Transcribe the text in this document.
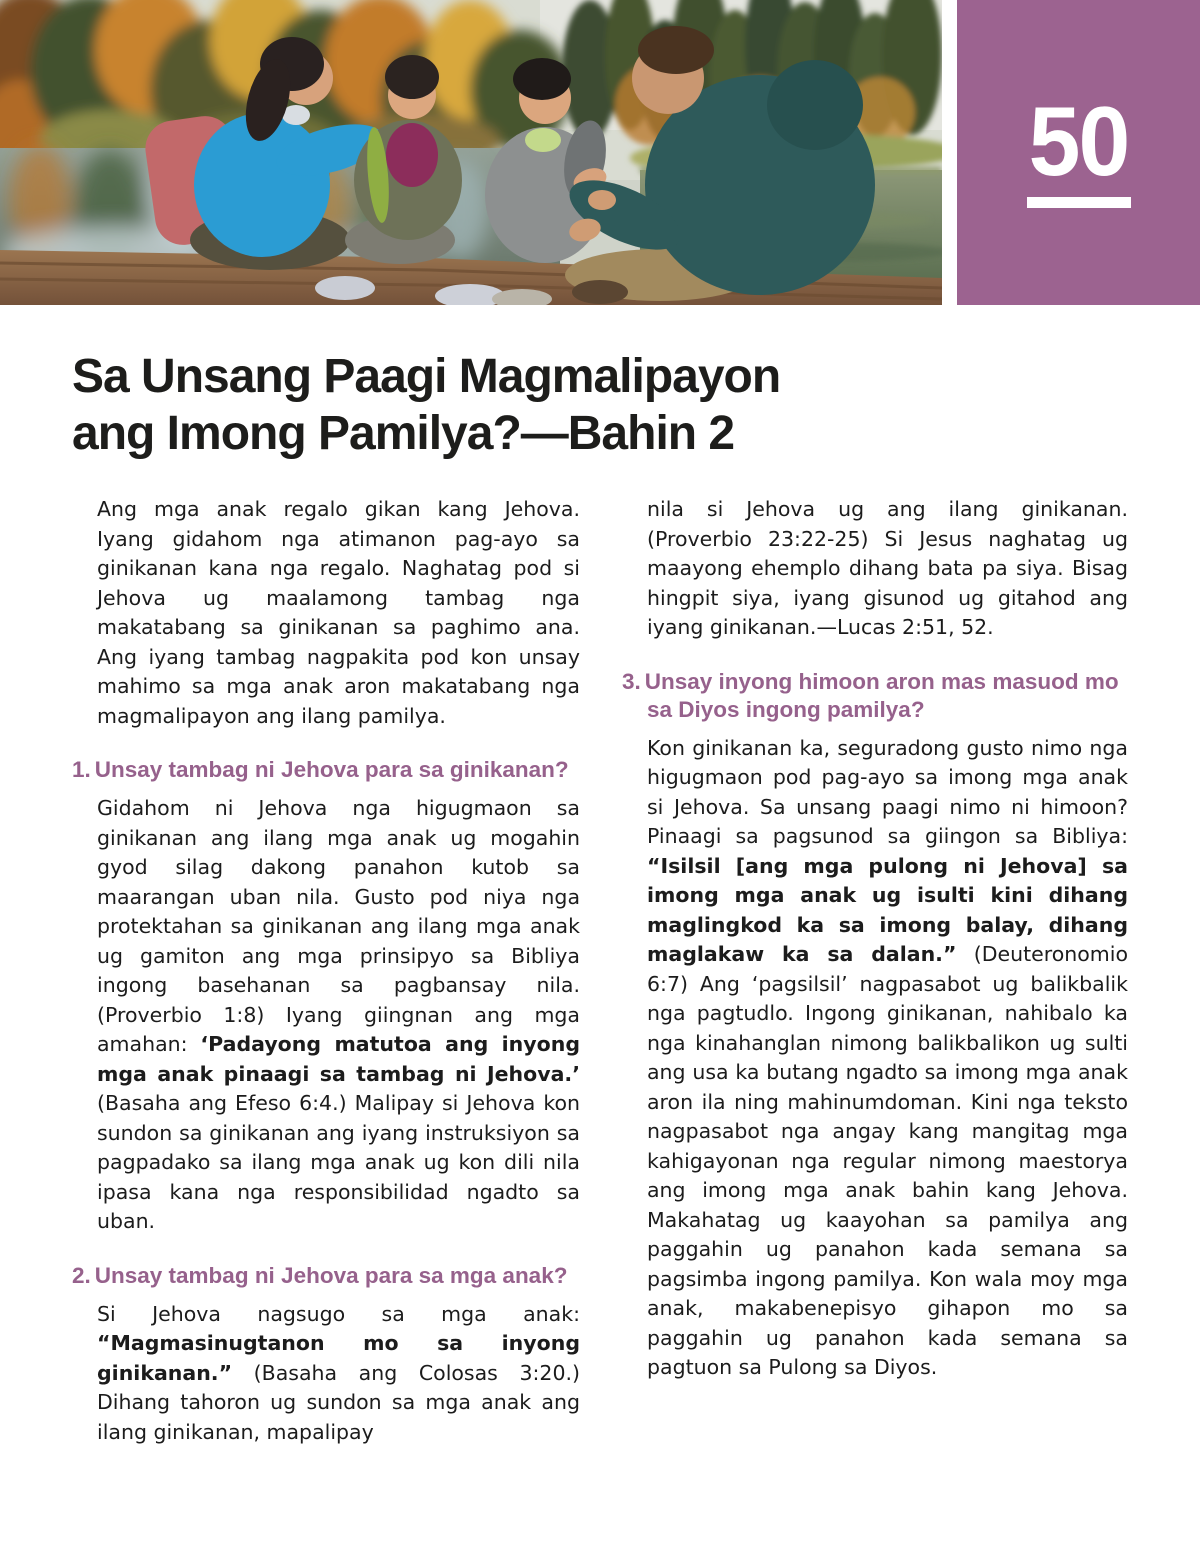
50
Sa Unsang Paagi Magmalipayon
ang Imong Pamilya?—Bahin 2

Ang mga anak regalo gikan kang Jehova. Iyang gidahom nga atimanon pag-ayo sa ginikanan kana nga regalo. Naghatag pod si Jehova ug maalamong tambag nga makatabang sa ginikanan sa paghimo ana. Ang iyang tambag nagpakita pod kon unsay mahimo sa mga anak aron makatabang nga magmalipayon ang ilang pamilya.

1. Unsay tambag ni Jehova para sa ginikanan?

Gidahom ni Jehova nga higugmaon sa ginikanan ang ilang mga anak ug mogahin gyod silag dakong panahon kutob sa maarangan uban nila. Gusto pod niya nga protektahan sa ginikanan ang ilang mga anak ug gamiton ang mga prinsipyo sa Bibliya ingong basehanan sa pagbansay nila. (Proverbio 1:8) Iyang giingnan ang mga amahan: ‘Padayong matutoa ang inyong mga anak pinaagi sa tambag ni Jehova.’ (Basaha ang Efeso 6:4.) Malipay si Jehova kon sundon sa ginikanan ang iyang instruksiyon sa pagpadako sa ilang mga anak ug kon dili nila ipasa kana nga responsibilidad ngadto sa uban.

2. Unsay tambag ni Jehova para sa mga anak?

Si Jehova nagsugo sa mga anak: “Magmasinugtanon mo sa inyong ginikanan.” (Basaha ang Colosas 3:20.) Dihang tahoron ug sundon sa mga anak ang ilang ginikanan, mapalipay

nila si Jehova ug ang ilang ginikanan. (Proverbio 23:22-25) Si Jesus naghatag ug maayong ehemplo dihang bata pa siya. Bisag hingpit siya, iyang gisunod ug gitahod ang iyang ginikanan.—Lucas 2:51, 52.

3. Unsay inyong himoon aron mas masuod mo sa Diyos ingong pamilya?

Kon ginikanan ka, seguradong gusto nimo nga higugmaon pod pag-ayo sa imong mga anak si Jehova. Sa unsang paagi nimo ni himoon? Pinaagi sa pagsunod sa giingon sa Bibliya: “Isilsil [ang mga pulong ni Jehova] sa imong mga anak ug isulti kini dihang maglingkod ka sa imong balay, dihang maglakaw ka sa dalan.” (Deuteronomio 6:7) Ang ‘pagsilsil’ nagpasabot ug balikbalik nga pagtudlo. Ingong ginikanan, nahibalo ka nga kinahanglan nimong balikbalikon ug sulti ang usa ka butang ngadto sa imong mga anak aron ila ning mahinumdoman. Kini nga teksto nagpasabot nga angay kang mangitag mga kahigayonan nga regular nimong maestorya ang imong mga anak bahin kang Jehova. Makahatag ug kaayohan sa pamilya ang paggahin ug panahon kada semana sa pagsimba ingong pamilya. Kon wala moy mga anak, makabenepisyo gihapon mo sa paggahin ug panahon kada semana sa pagtuon sa Pulong sa Diyos.
